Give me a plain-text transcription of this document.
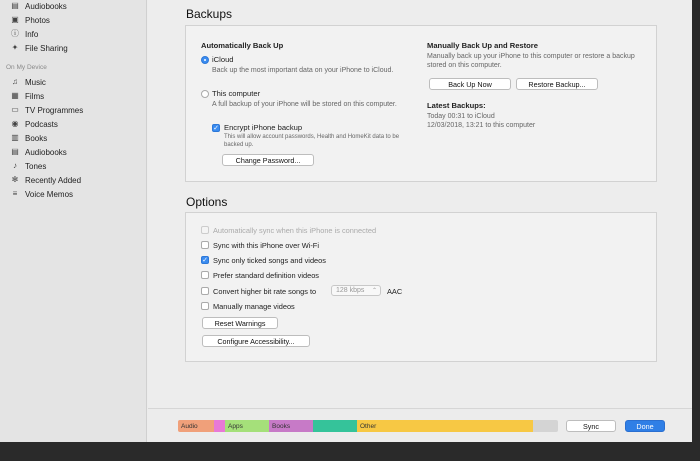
▤ Audiobooks
▣ Photos
ⓘ Info
✦ File Sharing
On My Device
♫ Music
▦ Films
▭ TV Programmes
◉ Podcasts
▥ Books
▤ Audiobooks
♪	Tones
✻ Recently Added
≡ Voice Memos
Backups
Automatically Back Up
iCloud
Back up the most important data on your iPhone to iCloud.
This computer
A full backup of your iPhone will be stored on this computer.
✓ Encrypt iPhone backup
This will allow account passwords, Health and HomeKit data to be backed up.
Change Password...
Manually Back Up and Restore
Manually back up your iPhone to this computer or restore a backup stored on this computer.
Back Up Now	Restore Backup...
Latest Backups:
Today 00:31 to iCloud
12/03/2018, 13:21 to this computer
Options
Automatically sync when this iPhone is connected
Sync with this iPhone over Wi-Fi
✓ Sync only ticked songs and videos
Prefer standard definition videos
Convert higher bit rate songs to	128 kbps ⌃ AAC
Manually manage videos
Reset Warnings
Configure Accessibility...
Audio	Apps	Books	Other	Sync	Done
